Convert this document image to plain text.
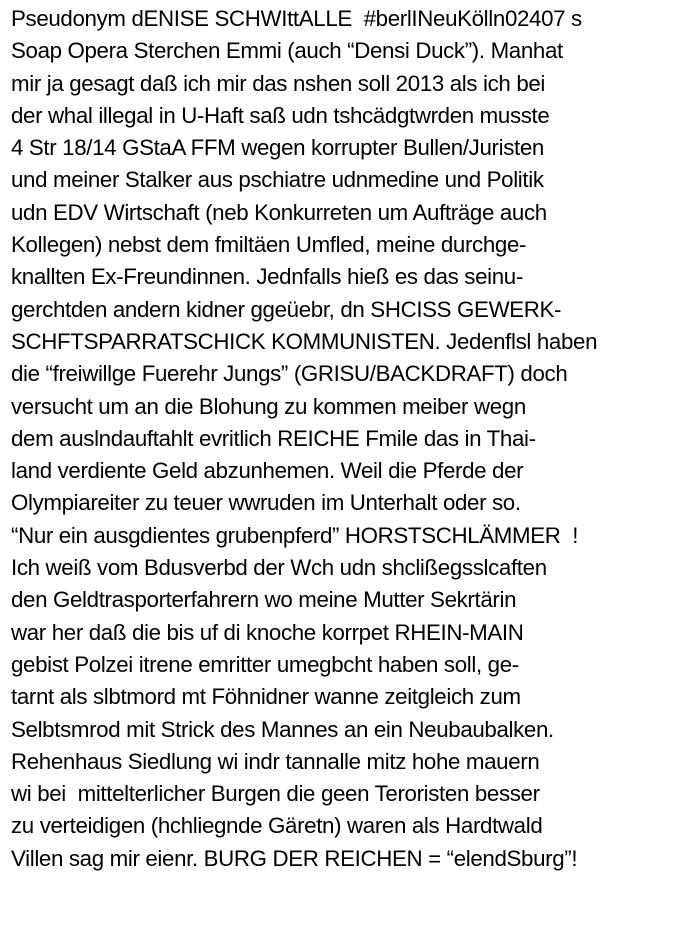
Pseudonym dENISE SCHWIttALLE  #berlINeuKölln02407 s
Soap Opera Sterchen Emmi (auch “Densi Duck”). Manhat
mir ja gesagt daß ich mir das nshen soll 2013 als ich bei
der whal illegal in U-Haft saß udn tshcädgtwrden musste
4 Str 18/14 GStaA FFM wegen korrupter Bullen/Juristen
und meiner Stalker aus pschiatre udnmedine und Politik
udn EDV Wirtschaft (neb Konkurreten um Aufträge auch
Kollegen) nebst dem fmiltäen Umfled, meine durchge-
knallten Ex-Freundinnen. Jednfalls hieß es das seinu-
gerchtden andern kidner ggeüebr, dn SHCISS GEWERK-
SCHFTSPARRATSCHICK KOMMUNISTEN. Jedenflsl haben
die “freiwillge Fuerehr Jungs” (GRISU/BACKDRAFT) doch
versucht um an die Blohung zu kommen meiber wegn
dem auslndauftahlt evritlich REICHE Fmile das in Thai-
land verdiente Geld abzunhemen. Weil die Pferde der
Olympiareiter zu teuer wwruden im Unterhalt oder so.
“Nur ein ausgdientes grubenpferd” HORSTSCHLÄMMER  !
Ich weiß vom Bdusverbd der Wch udn shclißegsslcaften
den Geldtrasporterfahrern wo meine Mutter Sekrtärin
war her daß die bis uf di knoche korrpet RHEIN-MAIN
gebist Polzei itrene emritter umegbcht haben soll, ge-
tarnt als slbtmord mt Föhnidner wanne zeitgleich zum
Selbtsmrod mit Strick des Mannes an ein Neubaubalken.
Rehenhaus Siedlung wi indr tannalle mitz hohe mauern
wi bei  mittelterlicher Burgen die geen Teroristen besser
zu verteidigen (hchliegnde Gäretn) waren als Hardtwald
Villen sag mir eienr. BURG DER REICHEN = “elendSburg”!
